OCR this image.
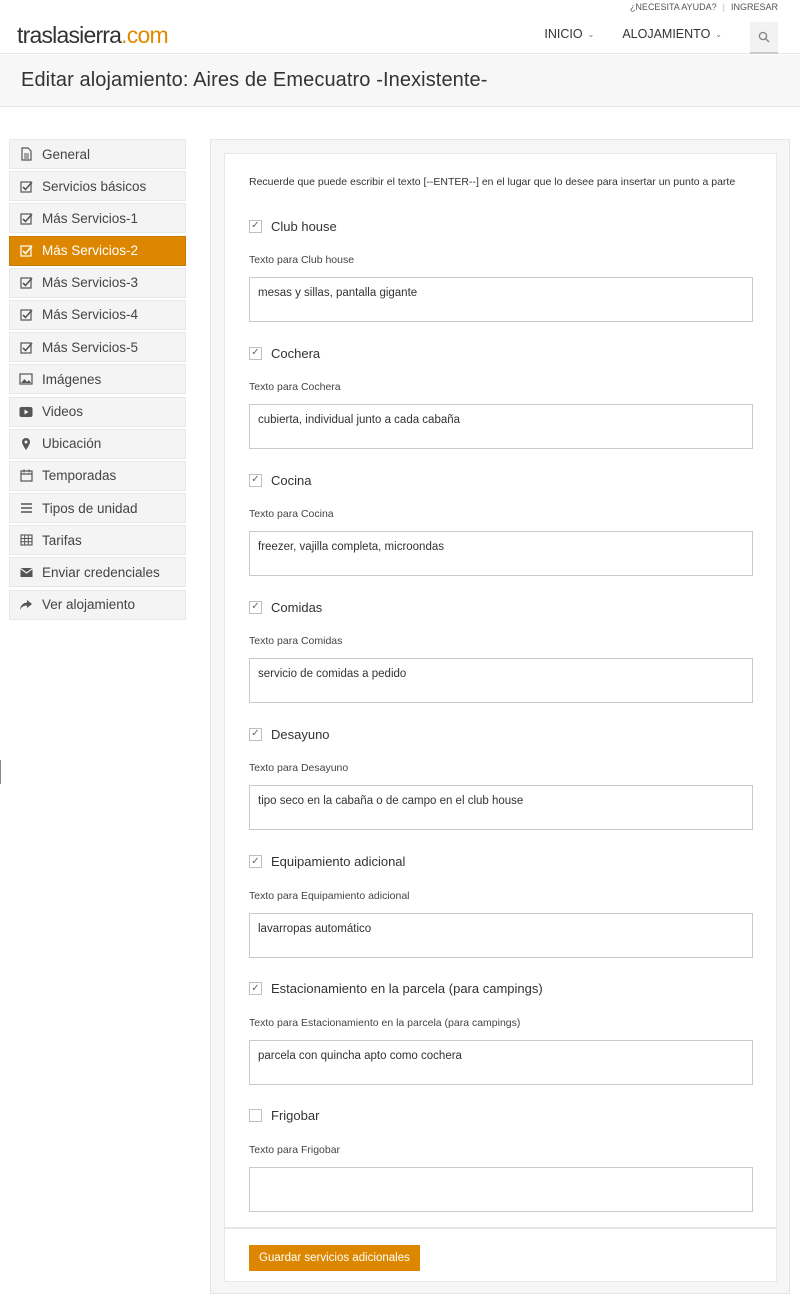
¿NECESITA AYUDA? | INGRESAR
traslasierra.com	INICIO ⌄ ALOJAMIENTO ⌄
Editar alojamiento: Aires de Emecuatro -Inexistente-
General
Servicios básicos
Más Servicios-1
Más Servicios-2
Más Servicios-3
Más Servicios-4
Más Servicios-5
Imágenes
Videos
Ubicación
Temporadas
Tipos de unidad
Tarifas
Enviar credenciales
Ver alojamiento
Recuerde que puede escribir el texto [--ENTER--] en el lugar que lo desee para insertar un punto a parte
✓ Club house
Texto para Club house
mesas y sillas, pantalla gigante
✓ Cochera
Texto para Cochera
cubierta, individual junto a cada cabaña
✓ Cocina
Texto para Cocina
freezer, vajilla completa, microondas
✓ Comidas
Texto para Comidas
servicio de comidas a pedido
✓ Desayuno
Texto para Desayuno
tipo seco en la cabaña o de campo en el club house
✓ Equipamiento adicional
Texto para Equipamiento adicional
lavarropas automático
✓ Estacionamiento en la parcela (para campings)
Texto para Estacionamiento en la parcela (para campings)
parcela con quincha apto como cochera
Frigobar
Texto para Frigobar
Guardar servicios adicionales
